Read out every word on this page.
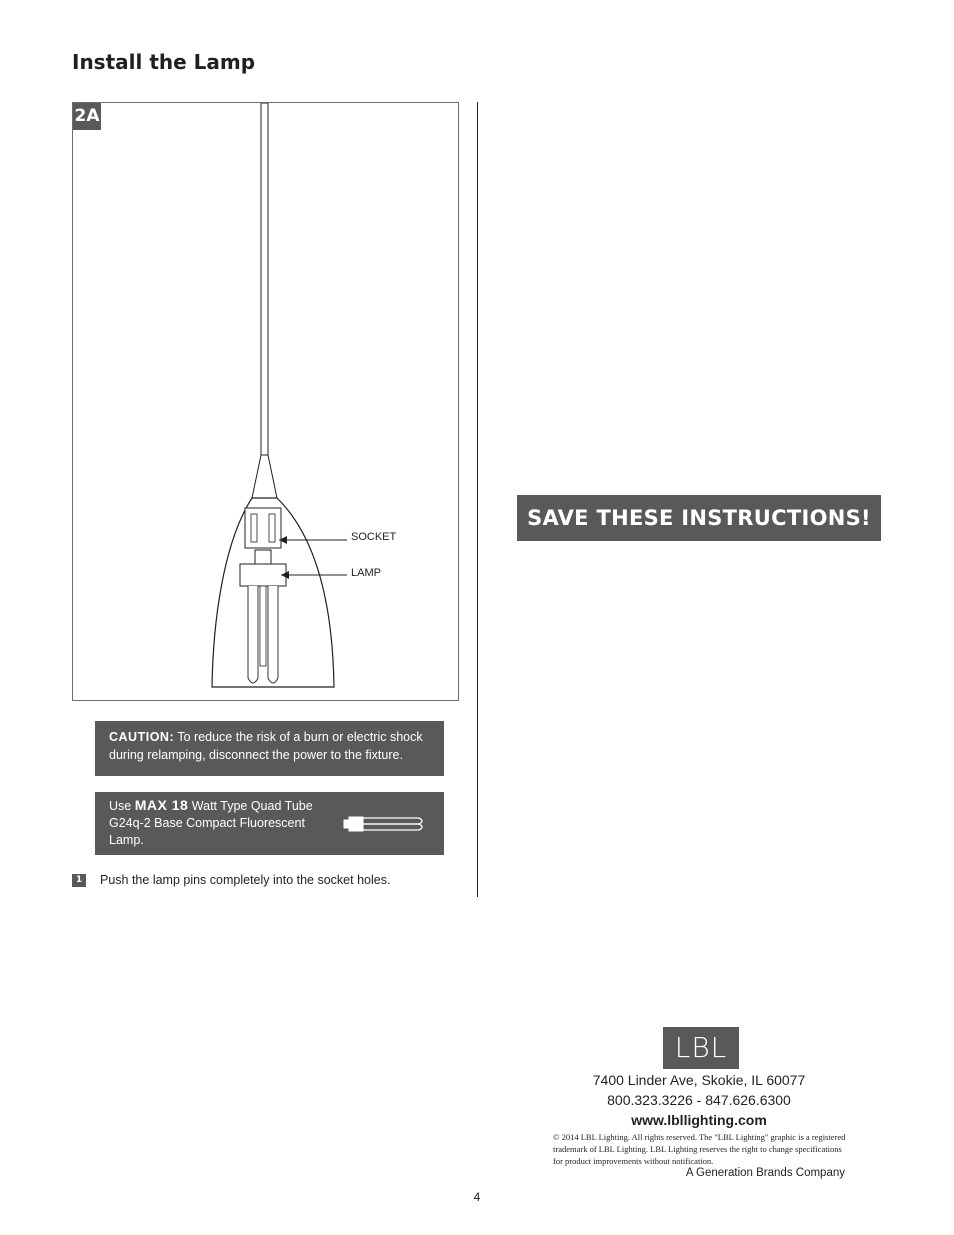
Install the Lamp
2A
SOCKET
LAMP
CAUTION: To reduce the risk of a burn or electric shock during relamping, disconnect the power to the fixture.
Use MAX 18 Watt Type Quad Tube G24q-2 Base Compact Fluorescent Lamp.
1	Push the lamp pins completely into the socket holes.
SAVE THESE INSTRUCTIONS!
LBL
7400 Linder Ave, Skokie, IL 60077
800.323.3226 - 847.626.6300
www.lbllighting.com
© 2014 LBL Lighting. All rights reserved. The "LBL Lighting" graphic is a registered trademark of LBL Lighting. LBL Lighting reserves the right to change specifications for product improvements without notification.
A Generation Brands Company
4
